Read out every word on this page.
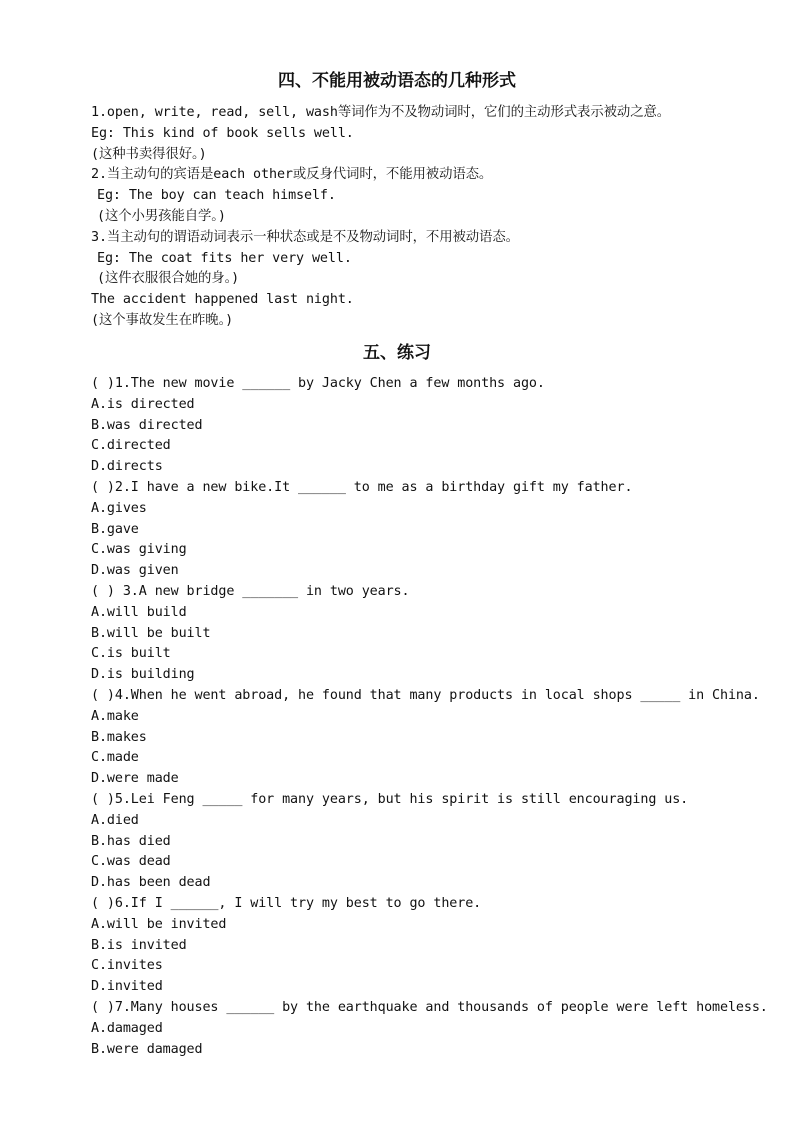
四、不能用被动语态的几种形式
1.open, write, read, sell, wash等词作为不及物动词时，它们的主动形式表示被动之意。
Eg: This kind of book sells well.
(这种书卖得很好。)
2.当主动句的宾语是each other或反身代词时，不能用被动语态。
Eg: The boy can teach himself.
(这个小男孩能自学。)
3.当主动句的谓语动词表示一种状态或是不及物动词时，不用被动语态。
Eg: The coat fits her very well.
(这件衣服很合她的身。)
The accident happened last night.
(这个事故发生在昨晚。)
五、练习
( )1.The new movie ______ by Jacky Chen a few months ago.
A.is directed
B.was directed
C.directed
D.directs
( )2.I have a new bike.It ______ to me as a birthday gift my father.
A.gives
B.gave
C.was giving
D.was given
( ) 3.A new bridge _______ in two years.
A.will build
B.will be built
C.is built
D.is building
( )4.When he went abroad, he found that many products in local shops _____ in China.
A.make
B.makes
C.made
D.were made
( )5.Lei Feng _____ for many years, but his spirit is still encouraging us.
A.died
B.has died
C.was dead
D.has been dead
( )6.If I ______, I will try my best to go there.
A.will be invited
B.is invited
C.invites
D.invited
( )7.Many houses ______ by the earthquake and thousands of people were left homeless.
A.damaged
B.were damaged
